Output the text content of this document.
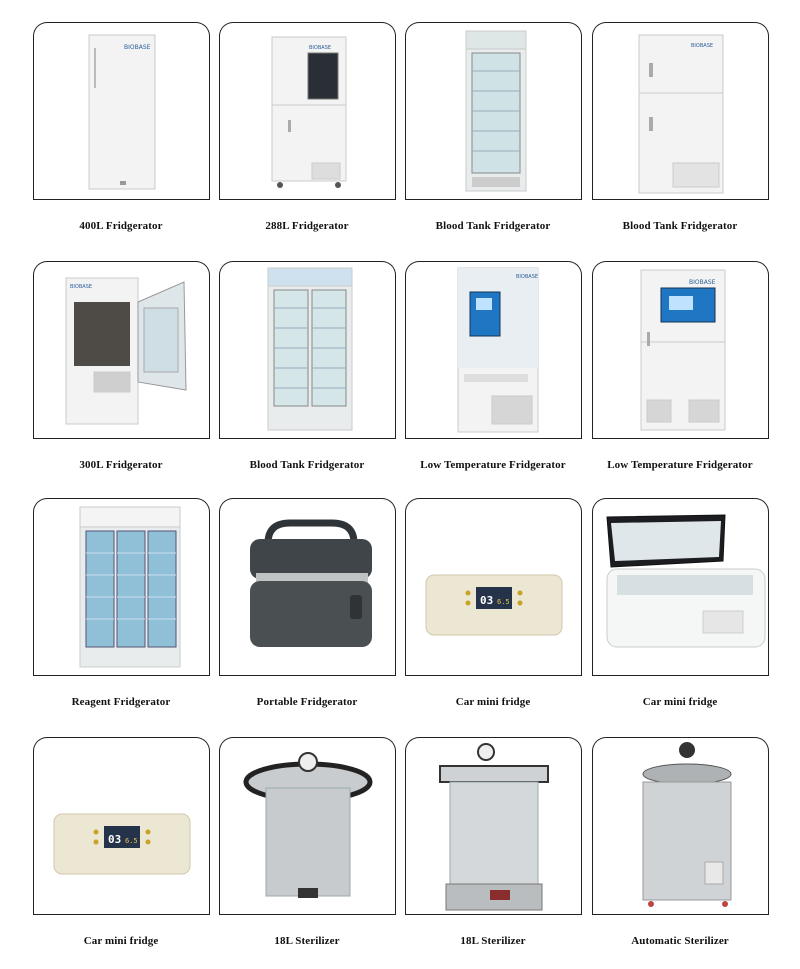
BIOBASE
400L Fridgerator
BIOBASE
288L Fridgerator	Blood Tank Fridgerator
BIOBASE
Blood Tank Fridgerator
BIOBASE
300L Fridgerator	Blood Tank Fridgerator
BIOBASE
Low Temperature Fridgerator
BIOBASE
Low Temperature Fridgerator
Reagent Fridgerator	Portable Fridgerator
03 6.5
Car mini fridge	Car mini fridge
03 6.5
Car mini fridge	18L Sterilizer	18L Sterilizer	Automatic Sterilizer
